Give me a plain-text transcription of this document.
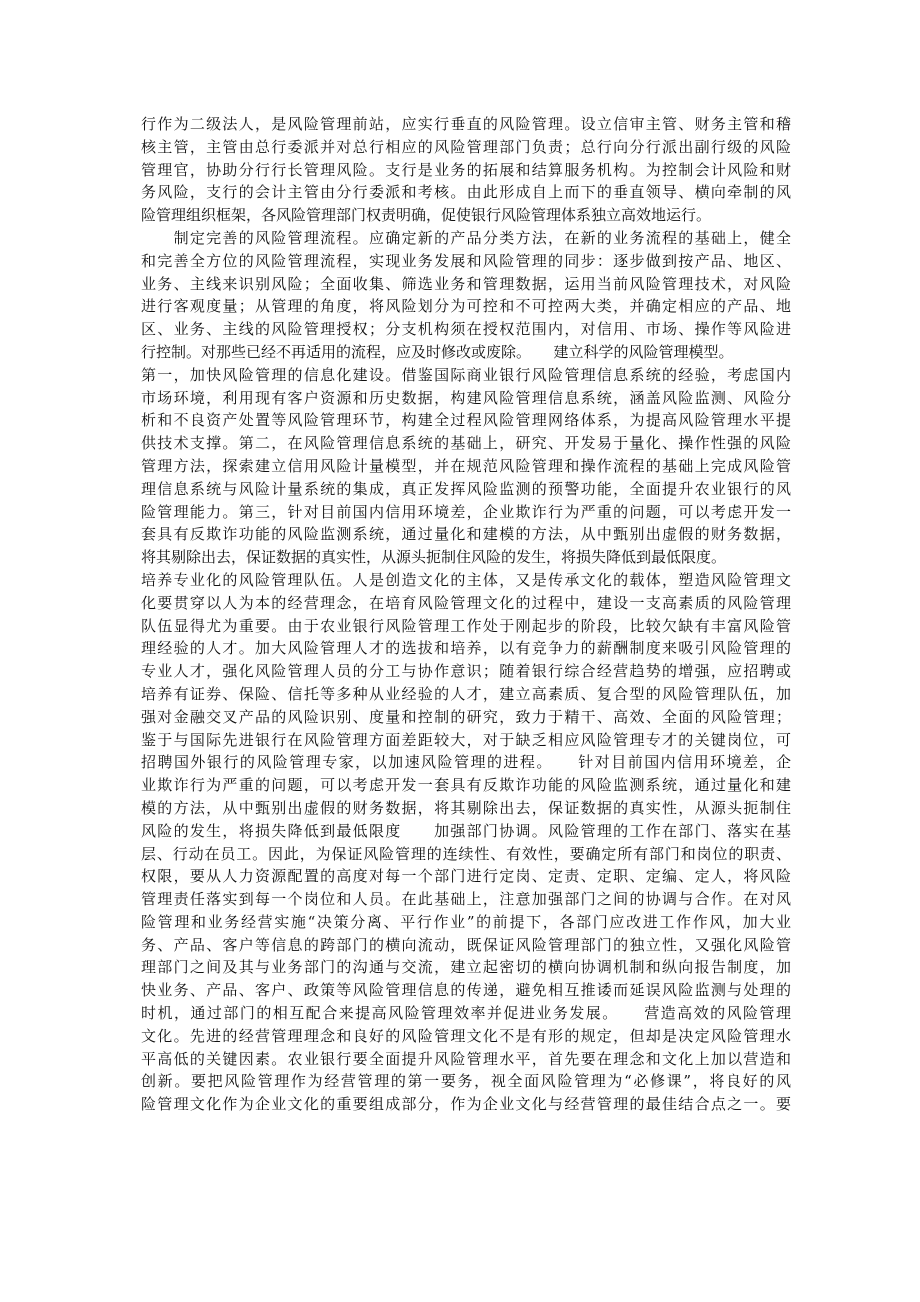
行作为二级法人，是风险管理前站，应实行垂直的风险管理。设立信审主管、财务主管和稽
核主管，主管由总行委派并对总行相应的风险管理部门负责；总行向分行派出副行级的风险
管理官，协助分行行长管理风险。支行是业务的拓展和结算服务机构。为控制会计风险和财
务风险，支行的会计主管由分行委派和考核。由此形成自上而下的垂直领导、横向牵制的风
险管理组织框架，各风险管理部门权责明确，促使银行风险管理体系独立高效地运行。
　　制定完善的风险管理流程。应确定新的产品分类方法，在新的业务流程的基础上，健全
和完善全方位的风险管理流程，实现业务发展和风险管理的同步：逐步做到按产品、地区、
业务、主线来识别风险；全面收集、筛选业务和管理数据，运用当前风险管理技术，对风险
进行客观度量；从管理的角度，将风险划分为可控和不可控两大类，并确定相应的产品、地
区、业务、主线的风险管理授权；分支机构须在授权范围内，对信用、市场、操作等风险进
行控制。对那些已经不再适用的流程，应及时修改或废除。　　建立科学的风险管理模型。
第一，加快风险管理的信息化建设。借鉴国际商业银行风险管理信息系统的经验，考虑国内
市场环境，利用现有客户资源和历史数据，构建风险管理信息系统，涵盖风险监测、风险分
析和不良资产处置等风险管理环节，构建全过程风险管理网络体系，为提高风险管理水平提
供技术支撑。第二，在风险管理信息系统的基础上，研究、开发易于量化、操作性强的风险
管理方法，探索建立信用风险计量模型，并在规范风险管理和操作流程的基础上完成风险管
理信息系统与风险计量系统的集成，真正发挥风险监测的预警功能，全面提升农业银行的风
险管理能力。第三，针对目前国内信用环境差，企业欺诈行为严重的问题，可以考虑开发一
套具有反欺诈功能的风险监测系统，通过量化和建模的方法，从中甄别出虚假的财务数据，
将其剔除出去，保证数据的真实性，从源头扼制住风险的发生，将损失降低到最低限度。
培养专业化的风险管理队伍。人是创造文化的主体，又是传承文化的载体，塑造风险管理文
化要贯穿以人为本的经营理念，在培育风险管理文化的过程中，建设一支高素质的风险管理
队伍显得尤为重要。由于农业银行风险管理工作处于刚起步的阶段，比较欠缺有丰富风险管
理经验的人才。加大风险管理人才的选拔和培养，以有竞争力的薪酬制度来吸引风险管理的
专业人才，强化风险管理人员的分工与协作意识；随着银行综合经营趋势的增强，应招聘或
培养有证券、保险、信托等多种从业经验的人才，建立高素质、复合型的风险管理队伍，加
强对金融交叉产品的风险识别、度量和控制的研究，致力于精干、高效、全面的风险管理；
鉴于与国际先进银行在风险管理方面差距较大，对于缺乏相应风险管理专才的关键岗位，可
招聘国外银行的风险管理专家，以加速风险管理的进程。　　针对目前国内信用环境差，企
业欺诈行为严重的问题，可以考虑开发一套具有反欺诈功能的风险监测系统，通过量化和建
模的方法，从中甄别出虚假的财务数据，将其剔除出去，保证数据的真实性，从源头扼制住
风险的发生，将损失降低到最低限度　　加强部门协调。风险管理的工作在部门、落实在基
层、行动在员工。因此，为保证风险管理的连续性、有效性，要确定所有部门和岗位的职责、
权限，要从人力资源配置的高度对每一个部门进行定岗、定责、定职、定编、定人，将风险
管理责任落实到每一个岗位和人员。在此基础上，注意加强部门之间的协调与合作。在对风
险管理和业务经营实施“决策分离、平行作业”的前提下，各部门应改进工作作风，加大业
务、产品、客户等信息的跨部门的横向流动，既保证风险管理部门的独立性，又强化风险管
理部门之间及其与业务部门的沟通与交流，建立起密切的横向协调机制和纵向报告制度，加
快业务、产品、客户、政策等风险管理信息的传递，避免相互推诿而延误风险监测与处理的
时机，通过部门的相互配合来提高风险管理效率并促进业务发展。　　营造高效的风险管理
文化。先进的经营管理理念和良好的风险管理文化不是有形的规定，但却是决定风险管理水
平高低的关键因素。农业银行要全面提升风险管理水平，首先要在理念和文化上加以营造和
创新。要把风险管理作为经营管理的第一要务，视全面风险管理为“必修课”，将良好的风
险管理文化作为企业文化的重要组成部分，作为企业文化与经营管理的最佳结合点之一。要
